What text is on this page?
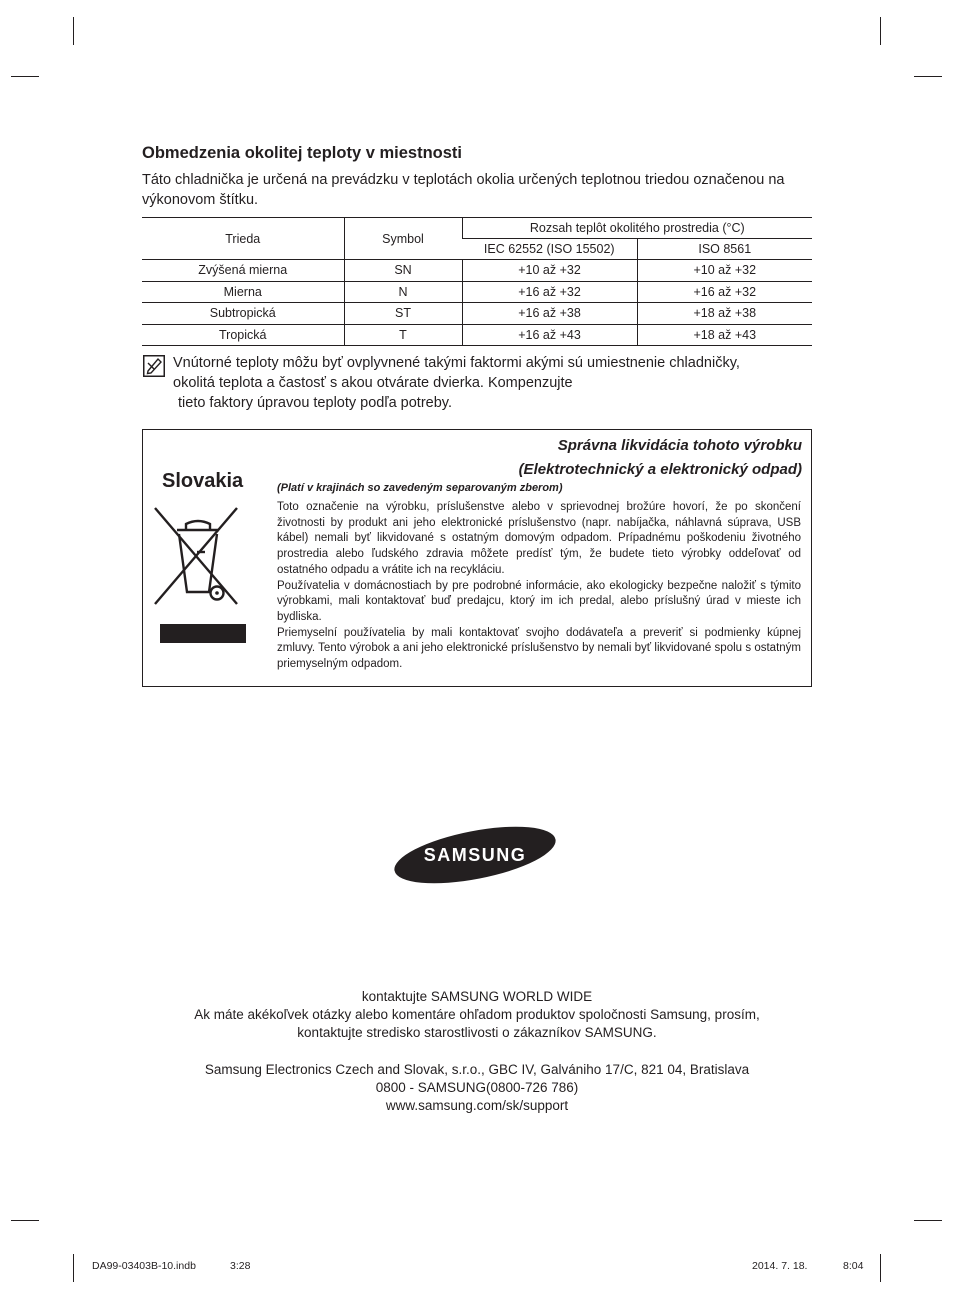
Obmedzenia okolitej teploty v miestnosti

Táto chladnička je určená na prevádzku v teplotách okolia určených teplotnou triedou označenou na výkonovom štítku.

Trieda	Symbol	Rozsah teplôt okolitého prostredia (°C)	
		IEC 62552 (ISO 15502)	ISO 8561
Zvýšená mierna	SN	+10 až +32	+10 až +32
Mierna	N	+16 až +32	+16 až +32
Subtropická	ST	+16 až +38	+18 až +38
Tropická	T	+16 až +43	+18 až +43

Vnútorné teploty môžu byť ovplyvnené takými faktormi akými sú umiestnenie chladničky,
okolitá teplota a častosť s akou otvárate dvierka. Kompenzujte
tieto faktory úpravou teploty podľa potreby.

Slovakia

Správna likvidácia tohoto výrobku
(Elektrotechnický a elektronický odpad)

(Platí v krajinách so zavedeným separovaným zberom)

Toto označenie na výrobku, príslušenstve alebo v sprievodnej brožúre hovorí, že po skončení životnosti by produkt ani jeho elektronické príslušenstvo (napr. nabíjačka, náhlavná súprava, USB kábel) nemali byť likvidované s ostatným domovým odpadom. Prípadnému poškodeniu životného prostredia alebo ľudského zdravia môžete predísť tým, že budete tieto výrobky oddeľovať od ostatného odpadu a vrátite ich na recykláciu.

Používatelia v domácnostiach by pre podrobné informácie, ako ekologicky bezpečne naložiť s týmito výrobkami, mali kontaktovať buď predajcu, ktorý im ich predal, alebo príslušný úrad v mieste ich bydliska.

Priemyselní používatelia by mali kontaktovať svojho dodávateľa a preveriť si podmienky kúpnej zmluvy. Tento výrobok a ani jeho elektronické príslušenstvo by nemali byť likvidované spolu s ostatným priemyselným odpadom.

SAMSUNG

kontaktujte SAMSUNG WORLD WIDE

Ak máte akékoľvek otázky alebo komentáre ohľadom produktov spoločnosti Samsung, prosím,

kontaktujte stredisko starostlivosti o zákazníkov SAMSUNG.

Samsung Electronics Czech and Slovak, s.r.o., GBC IV, Galvániho 17/C, 821 04, Bratislava

0800 - SAMSUNG(0800-726 786)

www.samsung.com/sk/support

DA99-03403B-10.indb	3:28	2014. 7. 18.	8:04
